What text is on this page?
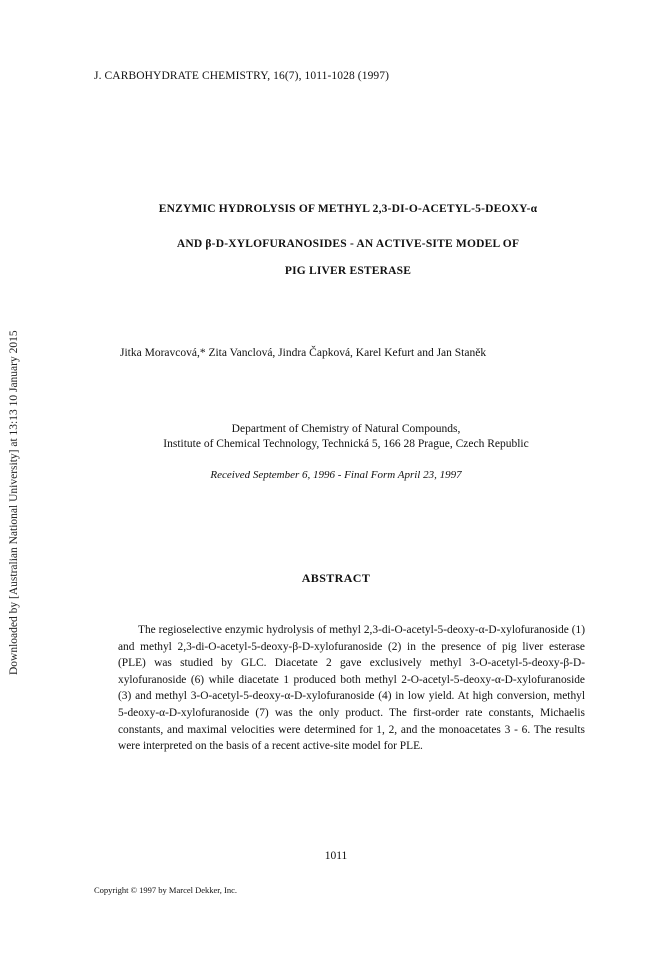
J. CARBOHYDRATE CHEMISTRY, 16(7), 1011-1028 (1997)
ENZYMIC HYDROLYSIS OF METHYL 2,3-DI-O-ACETYL-5-DEOXY-α
AND β-D-XYLOFURANOSIDES - AN ACTIVE-SITE MODEL OF
PIG LIVER ESTERASE
Jitka Moravcová,* Zita Vanclová, Jindra Čapková, Karel Kefurt and Jan Staněk
Department of Chemistry of Natural Compounds,
Institute of Chemical Technology, Technická 5, 166 28 Prague, Czech Republic
Received September 6, 1996 - Final Form April 23, 1997
ABSTRACT
The regioselective enzymic hydrolysis of methyl 2,3-di-O-acetyl-5-deoxy-α-D-xylofuranoside (1) and methyl 2,3-di-O-acetyl-5-deoxy-β-D-xylofuranoside (2) in the presence of pig liver esterase (PLE) was studied by GLC. Diacetate 2 gave exclusively methyl 3-O-acetyl-5-deoxy-β-D-xylofuranoside (6) while diacetate 1 produced both methyl 2-O-acetyl-5-deoxy-α-D-xylofuranoside (3) and methyl 3-O-acetyl-5-deoxy-α-D-xylofuranoside (4) in low yield. At high conversion, methyl 5-deoxy-α-D-xylofuranoside (7) was the only product. The first-order rate constants, Michaelis constants, and maximal velocities were determined for 1, 2, and the monoacetates 3 - 6. The results were interpreted on the basis of a recent active-site model for PLE.
1011
Copyright © 1997 by Marcel Dekker, Inc.
Downloaded by [Australian National University] at 13:13 10 January 2015
